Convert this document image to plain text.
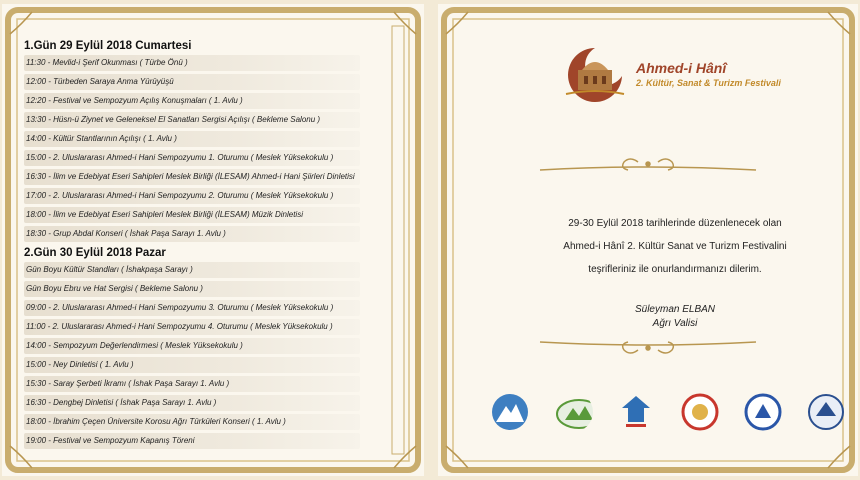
1.Gün 29 Eylül 2018 Cumartesi
11:30 - Mevlid-i Şerif Okunması ( Türbe Önü )
12:00 - Türbeden Saraya Anma Yürüyüşü
12:20 - Festival ve Sempozyum Açılış Konuşmaları ( 1. Avlu )
13:30 - Hüsn-ü Ziynet ve Geleneksel El Sanatları Sergisi Açılışı ( Bekleme Salonu )
14:00 - Kültür Stantlarının Açılışı ( 1. Avlu )
15:00 - 2. Uluslararası Ahmed-i Hani Sempozyumu 1. Oturumu ( Meslek Yüksekokulu )
16:30 - İlim ve Edebiyat Eseri Sahipleri Meslek Birliği (İLESAM) Ahmed-i Hani Şiirleri Dinletisi
17:00 - 2. Uluslararası Ahmed-i Hani Sempozyumu 2. Oturumu ( Meslek Yüksekokulu )
18:00 - İlim ve Edebiyat Eseri Sahipleri Meslek Birliği (İLESAM) Müzik Dinletisi
18:30 - Grup Abdal Konseri ( İshak Paşa Sarayı 1. Avlu )
2.Gün 30 Eylül 2018 Pazar
Gün Boyu Kültür Standları ( İshakpaşa Sarayı )
Gün Boyu Ebru ve Hat Sergisi ( Bekleme Salonu )
09:00 - 2. Uluslararası Ahmed-i Hani Sempozyumu 3. Oturumu ( Meslek Yüksekokulu )
11:00 - 2. Uluslararası Ahmed-i Hani Sempozyumu 4. Oturumu ( Meslek Yüksekokulu )
14:00 - Sempozyum Değerlendirmesi ( Meslek Yüksekokulu )
15:00 - Ney Dinletisi ( 1. Avlu )
15:30 - Saray Şerbeti İkramı ( İshak Paşa Sarayı 1. Avlu )
16:30 - Dengbej Dinletisi ( İshak Paşa Sarayı 1. Avlu )
18:00 - İbrahim Çeçen Üniversite Korosu Ağrı Türküleri Konseri ( 1. Avlu )
19:00 - Festival ve Sempozyum Kapanış Töreni
Ahmed-i Hânî
2. Kültür, Sanat & Turizm Festivali
29-30 Eylül 2018 tarihlerinde düzenlenecek olan
Ahmed-i Hânî 2. Kültür Sanat ve Turizm Festivalini
teşrifleriniz ile onurlandırmanızı dilerim.
Süleyman ELBAN
Ağrı Valisi
